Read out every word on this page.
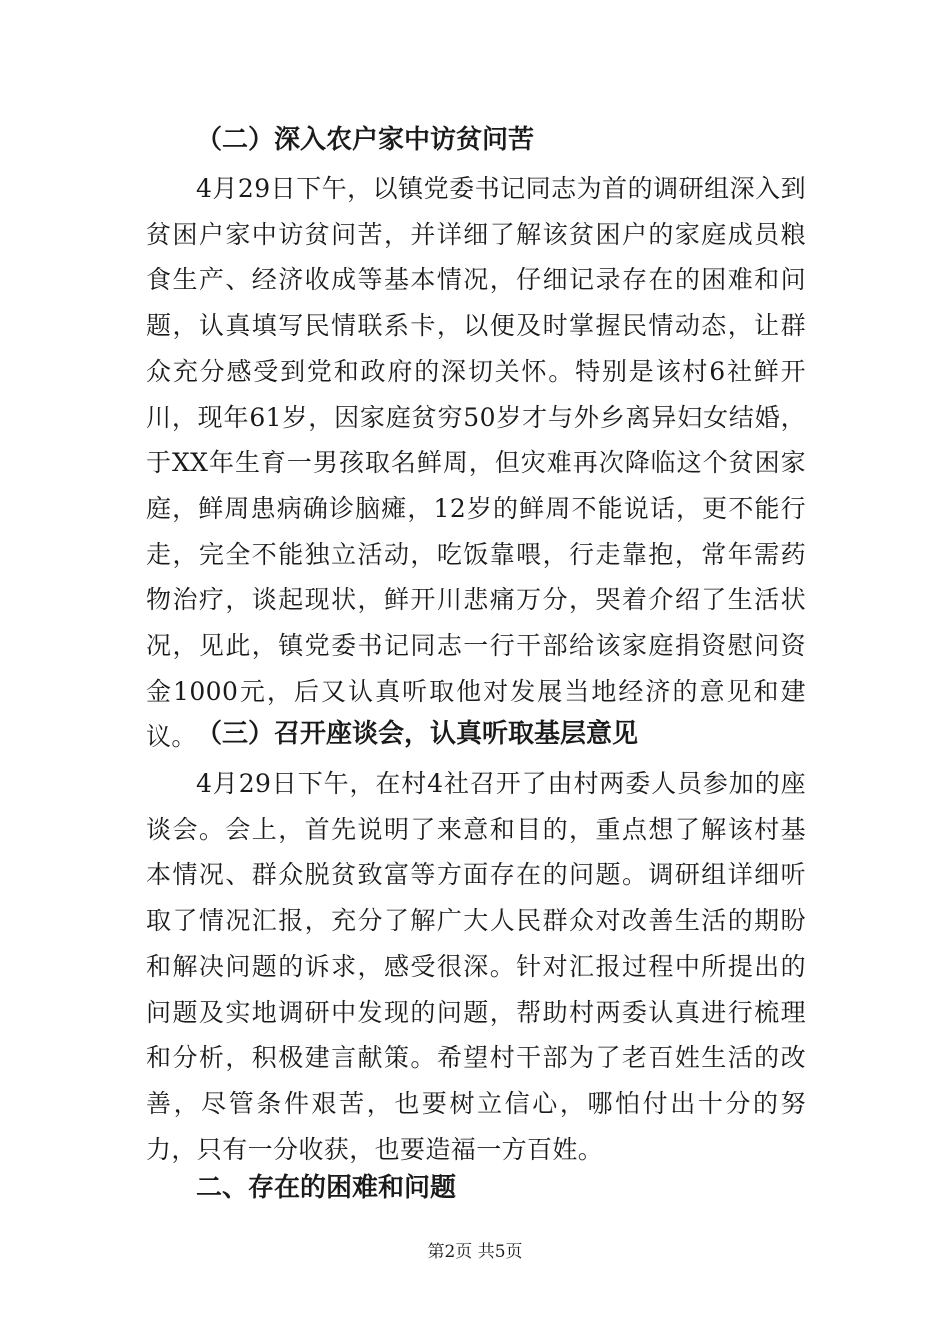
（二）深入农户家中访贫问苦

4月29日下午，以镇党委书记同志为首的调研组深入到贫困户家中访贫问苦，并详细了解该贫困户的家庭成员粮食生产、经济收成等基本情况，仔细记录存在的困难和问题，认真填写民情联系卡，以便及时掌握民情动态，让群众充分感受到党和政府的深切关怀。特别是该村6社鲜开川，现年61岁，因家庭贫穷50岁才与外乡离异妇女结婚，于XX年生育一男孩取名鲜周，但灾难再次降临这个贫困家庭，鲜周患病确诊脑瘫，12岁的鲜周不能说话，更不能行走，完全不能独立活动，吃饭靠喂，行走靠抱，常年需药物治疗，谈起现状，鲜开川悲痛万分，哭着介绍了生活状况，见此，镇党委书记同志一行干部给该家庭捐资慰问资金1000元，后又认真听取他对发展当地经济的意见和建议。 （三）召开座谈会，认真听取基层意见

4月29日下午，在村4社召开了由村两委人员参加的座谈会。会上，首先说明了来意和目的，重点想了解该村基本情况、群众脱贫致富等方面存在的问题。调研组详细听取了情况汇报，充分了解广大人民群众对改善生活的期盼和解决问题的诉求，感受很深。针对汇报过程中所提出的问题及实地调研中发现的问题，帮助村两委认真进行梳理和分析，积极建言献策。希望村干部为了老百姓生活的改善，尽管条件艰苦，也要树立信心，哪怕付出十分的努力，只有一分收获，也要造福一方百姓。

二、存在的困难和问题

第2页 共5页
